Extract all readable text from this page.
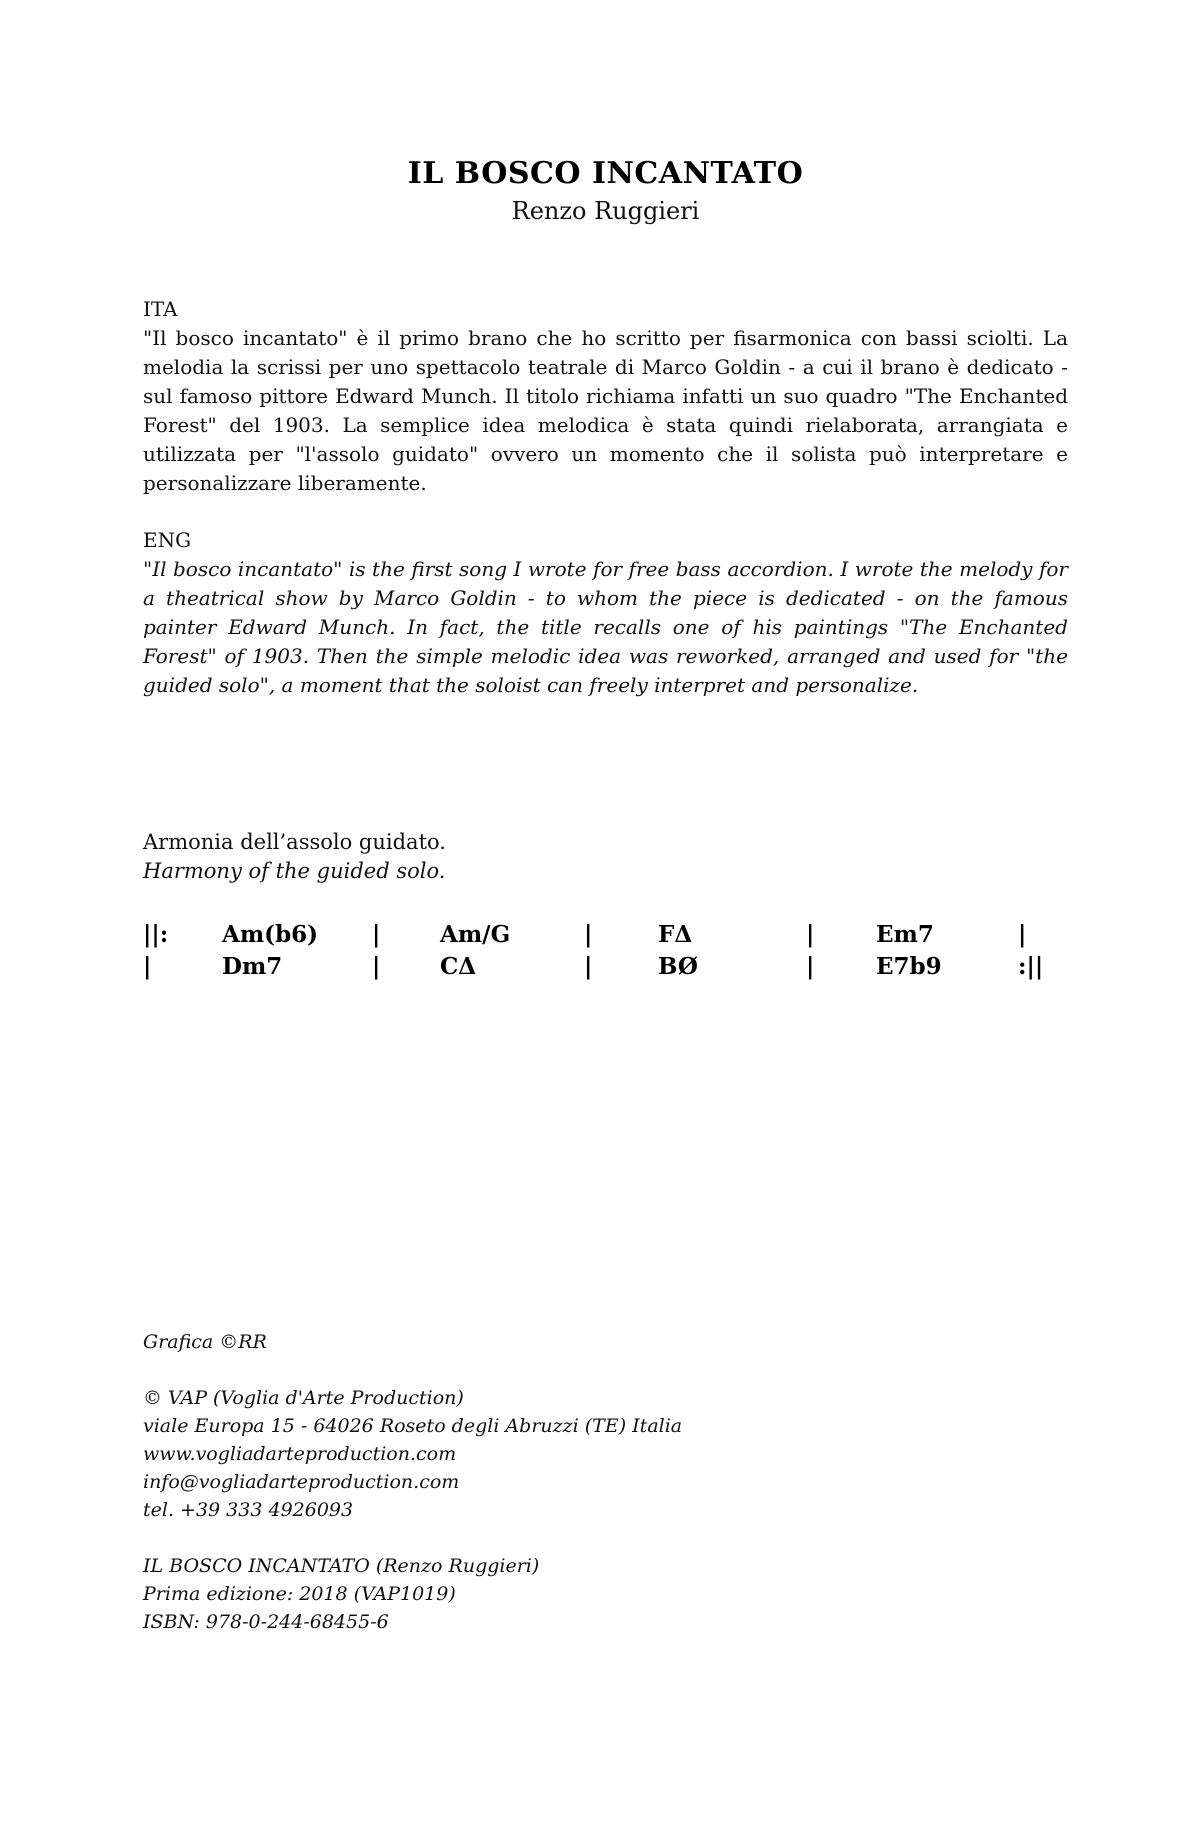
IL BOSCO INCANTATO
Renzo Ruggieri
ITA
"Il bosco incantato" è il primo brano che ho scritto per fisarmonica con bassi sciolti. La melodia la scrissi per uno spettacolo teatrale di Marco Goldin - a cui il brano è dedicato - sul famoso pittore Edward Munch. Il titolo richiama infatti un suo quadro "The Enchanted Forest" del 1903. La semplice idea melodica è stata quindi rielaborata, arrangiata e utilizzata per "l'assolo guidato" ovvero un momento che il solista può interpretare e personalizzare liberamente.
ENG
"Il bosco incantato" is the first song I wrote for free bass accordion. I wrote the melody for a theatrical show by Marco Goldin - to whom the piece is dedicated - on the famous painter Edward Munch. In fact, the title recalls one of his paintings "The Enchanted Forest" of 1903. Then the simple melodic idea was reworked, arranged and used for "the guided solo", a moment that the soloist can freely interpret and personalize.
Armonia dell’assolo guidato.
Harmony of the guided solo.
||:	Am(b6)	|	Am/G	|	FΔ	|	Em7	|
|	Dm7	|	CΔ	|	BØ	|	E7b9	:||
Grafica ©RR
© VAP (Voglia d'Arte Production)
viale Europa 15 - 64026 Roseto degli Abruzzi (TE) Italia
www.vogliadarteproduction.com
info@vogliadarteproduction.com
tel. +39 333 4926093
IL BOSCO INCANTATO (Renzo Ruggieri)
Prima edizione: 2018 (VAP1019)
ISBN: 978-0-244-68455-6
